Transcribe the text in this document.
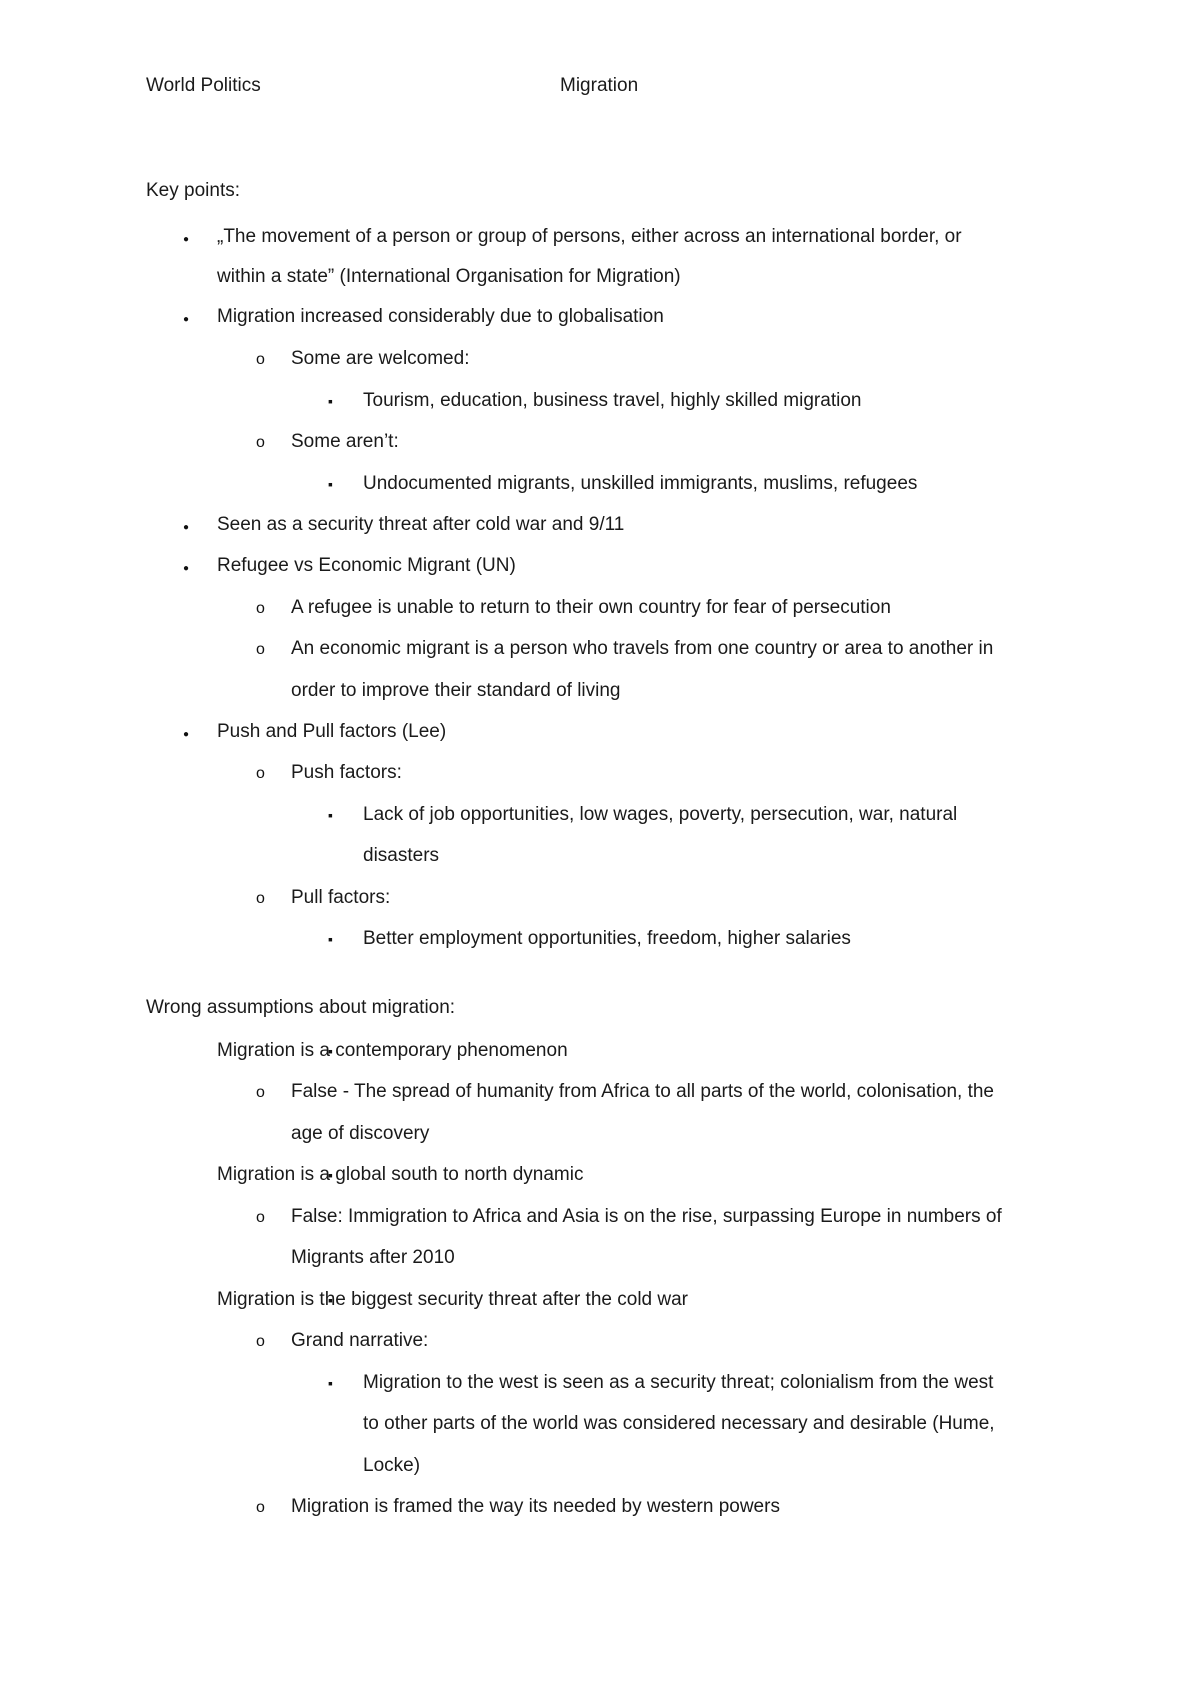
World Politics	Migration
Key points:
Wrong assumptions about migration:
●
„The movement of a person or group of persons, either across an international border, or
within a state” (International Organisation for Migration)
●
Migration increased considerably due to globalisation
o
Some are welcomed:
▪
Tourism, education, business travel, highly skilled migration
o
Some aren’t:
▪
Undocumented migrants, unskilled immigrants, muslims, refugees
●
Seen as a security threat after cold war and 9/11
●
Refugee vs Economic Migrant (UN)
o
A refugee is unable to return to their own country for fear of persecution
o
An economic migrant is a person who travels from one country or area to another in
order to improve their standard of living
●
Push and Pull factors (Lee)
o
Push factors:
▪
Lack of job opportunities, low wages, poverty, persecution, war, natural
disasters
o
Pull factors:
▪
Better employment opportunities, freedom, higher salaries
▪
Migration is a contemporary phenomenon
o
False - The spread of humanity from Africa to all parts of the world, colonisation, the
age of discovery
▪
Migration is a global south to north dynamic
o
False: Immigration to Africa and Asia is on the rise, surpassing Europe in numbers of
Migrants after 2010
▪
Migration is the biggest security threat after the cold war
o
Grand narrative:
▪
Migration to the west is seen as a security threat; colonialism from the west
to other parts of the world was considered necessary and desirable (Hume,
Locke)
o
Migration is framed the way its needed by western powers
